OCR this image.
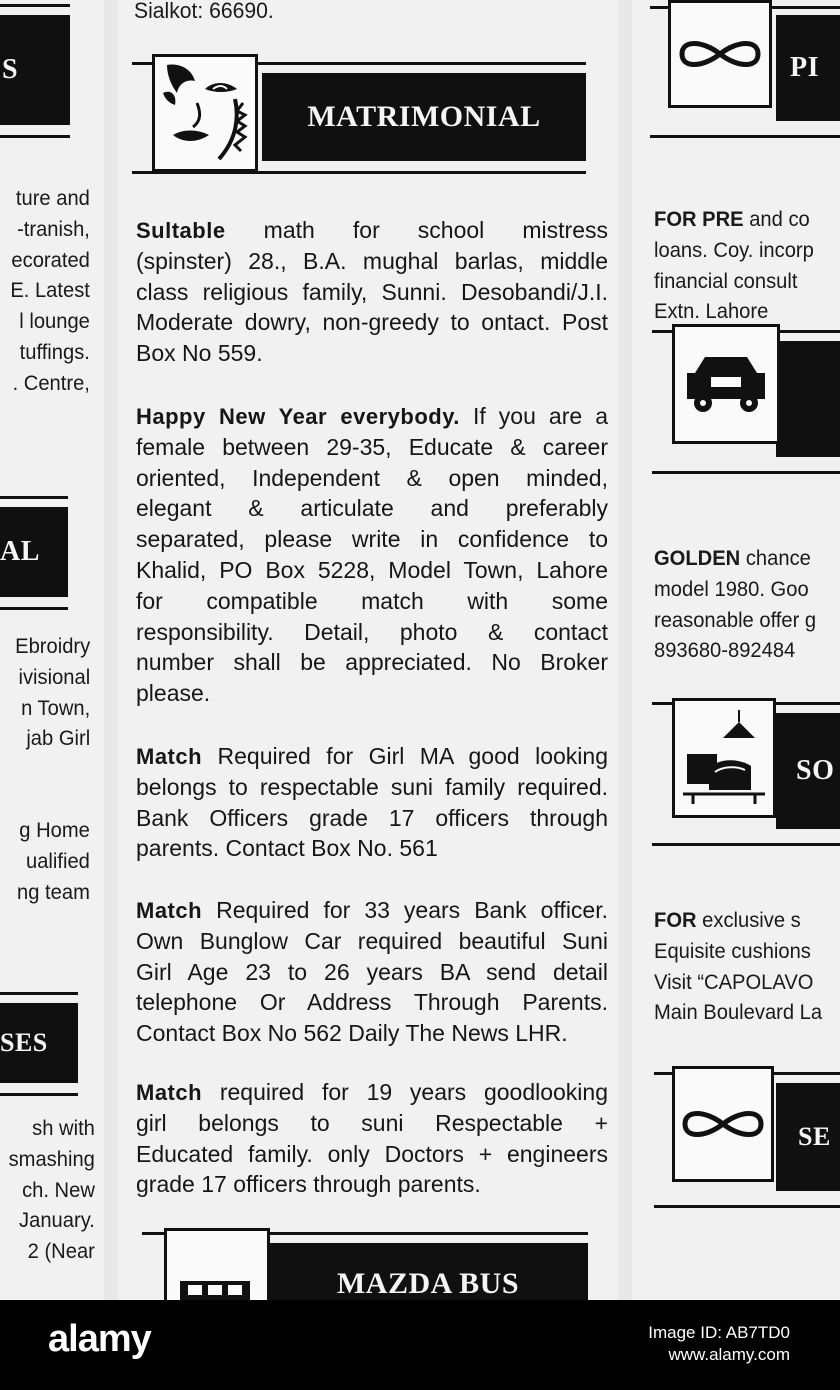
Sialkot: 66690.
S
ture and
-tranish,
ecorated
E. Latest
l lounge
tuffings.
. Centre,
AL
Ebroidry
ivisional
n Town,
jab Girl
g Home
ualified
ng team
SES
sh with
smashing
ch. New
January.
2 (Near
MATRIMONIAL
Sultable math for school mistress
(spinster) 28., B.A. mughal barlas, middle
class religious family, Sunni. Desobandi/J.I.
Moderate dowry, non-greedy to ontact. Post
Box No 559.
Happy New Year everybody. If you are a
female between 29-35, Educate & career
oriented, Independent & open minded,
elegant & articulate and preferably
separated, please write in confidence to
Khalid, PO Box 5228, Model Town, Lahore
for compatible match with some
responsibility. Detail, photo & contact
number shall be appreciated. No Broker
please.
Match Required for Girl MA good looking
belongs to respectable suni family required.
Bank Officers grade 17 officers through
parents. Contact Box No. 561
Match Required for 33 years Bank officer.
Own Bunglow Car required beautiful Suni
Girl Age 23 to 26 years BA send detail
telephone Or Address Through Parents.
Contact Box No 562 Daily The News LHR.
Match required for 19 years goodlooking
girl belongs to suni Respectable +
Educated family. only Doctors + engineers
grade 17 officers through parents.
MAZDA BUS
PI
FOR PRE and co
loans. Coy. incorp
financial consult
Extn. Lahore
GOLDEN chance
model 1980. Goo
reasonable offer g
893680-892484
SO
FOR exclusive s
Equisite cushions
Visit “CAPOLAVO
Main Boulevard La
SE
alamy	Image ID: AB7TD0
www.alamy.com
